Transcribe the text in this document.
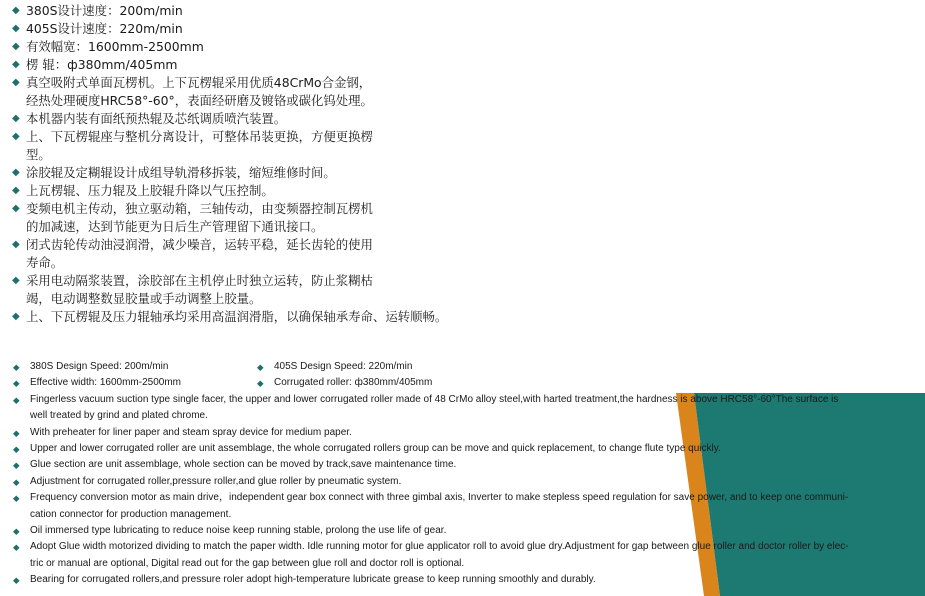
◆ 380S设计速度：200m/min
◆ 405S设计速度：220m/min
◆ 有效幅宽：1600mm-2500mm
◆ 楞 辊：ф380mm/405mm
◆ 真空吸附式单面瓦楞机。上下瓦楞辊采用优质48CrMo合金钢，
经热处理硬度HRC58°-60°，表面经研磨及镀铬或碳化钨处理。
◆ 本机器内装有面纸预热辊及芯纸调质喷汽装置。
◆ 上、下瓦楞辊座与整机分离设计，可整体吊装更换，方便更换楞
型。
◆ 涂胶辊及定糊辊设计成组导轨滑移拆装，缩短维修时间。
◆ 上瓦楞辊、压力辊及上胶辊升降以气压控制。
◆ 变频电机主传动，独立驱动箱，三轴传动，由变频器控制瓦楞机
的加减速，达到节能更为日后生产管理留下通讯接口。
◆ 闭式齿轮传动油浸润滑，减少噪音，运转平稳，延长齿轮的使用
寿命。
◆ 采用电动隔浆装置，涂胶部在主机停止时独立运转，防止浆糊枯
竭，电动调整数显胶量或手动调整上胶量。
◆ 上、下瓦楞辊及压力辊轴承均采用高温润滑脂，以确保轴承寿命、运转顺畅。
◆	380S Design Speed: 200m/min	◆	405S Design Speed: 220m/min
◆	Effective width: 1600mm-2500mm	◆	Corrugated roller: ф380mm/405mm
◆	Fingerless vacuum suction type single facer, the upper and lower corrugated roller made of 48 CrMo alloy steel,with harted treatment,the hardness is above HRC58°-60°The surface is
well treated by grind and plated chrome.
◆	With preheater for liner paper and steam spray device for medium paper.
◆	Upper and lower corrugated roller are unit assemblage, the whole corrugated rollers group can be move and quick replacement, to change flute type quickly.
◆	Glue section are unit assemblage, whole section can be moved by track,save maintenance time.
◆	Adjustment for corrugated roller,pressure roller,and glue roller by pneumatic system.
◆	Frequency conversion motor as main drive，independent gear box connect with three gimbal axis, Inverter to make stepless speed regulation for save power, and to keep one communi-
cation connector for production management.
◆	Oil immersed type lubricating to reduce noise keep running stable, prolong the use life of gear.
◆	Adopt Glue width motorized dividing to match the paper width. Idle running motor for glue applicator roll to avoid glue dry.Adjustment for gap between glue roller and doctor roller by elec-
tric or manual are optional, Digital read out for the gap between glue roll and doctor roll is optional.
◆	Bearing for corrugated rollers,and pressure roler adopt high-temperature lubricate grease to keep running smoothly and durably.
